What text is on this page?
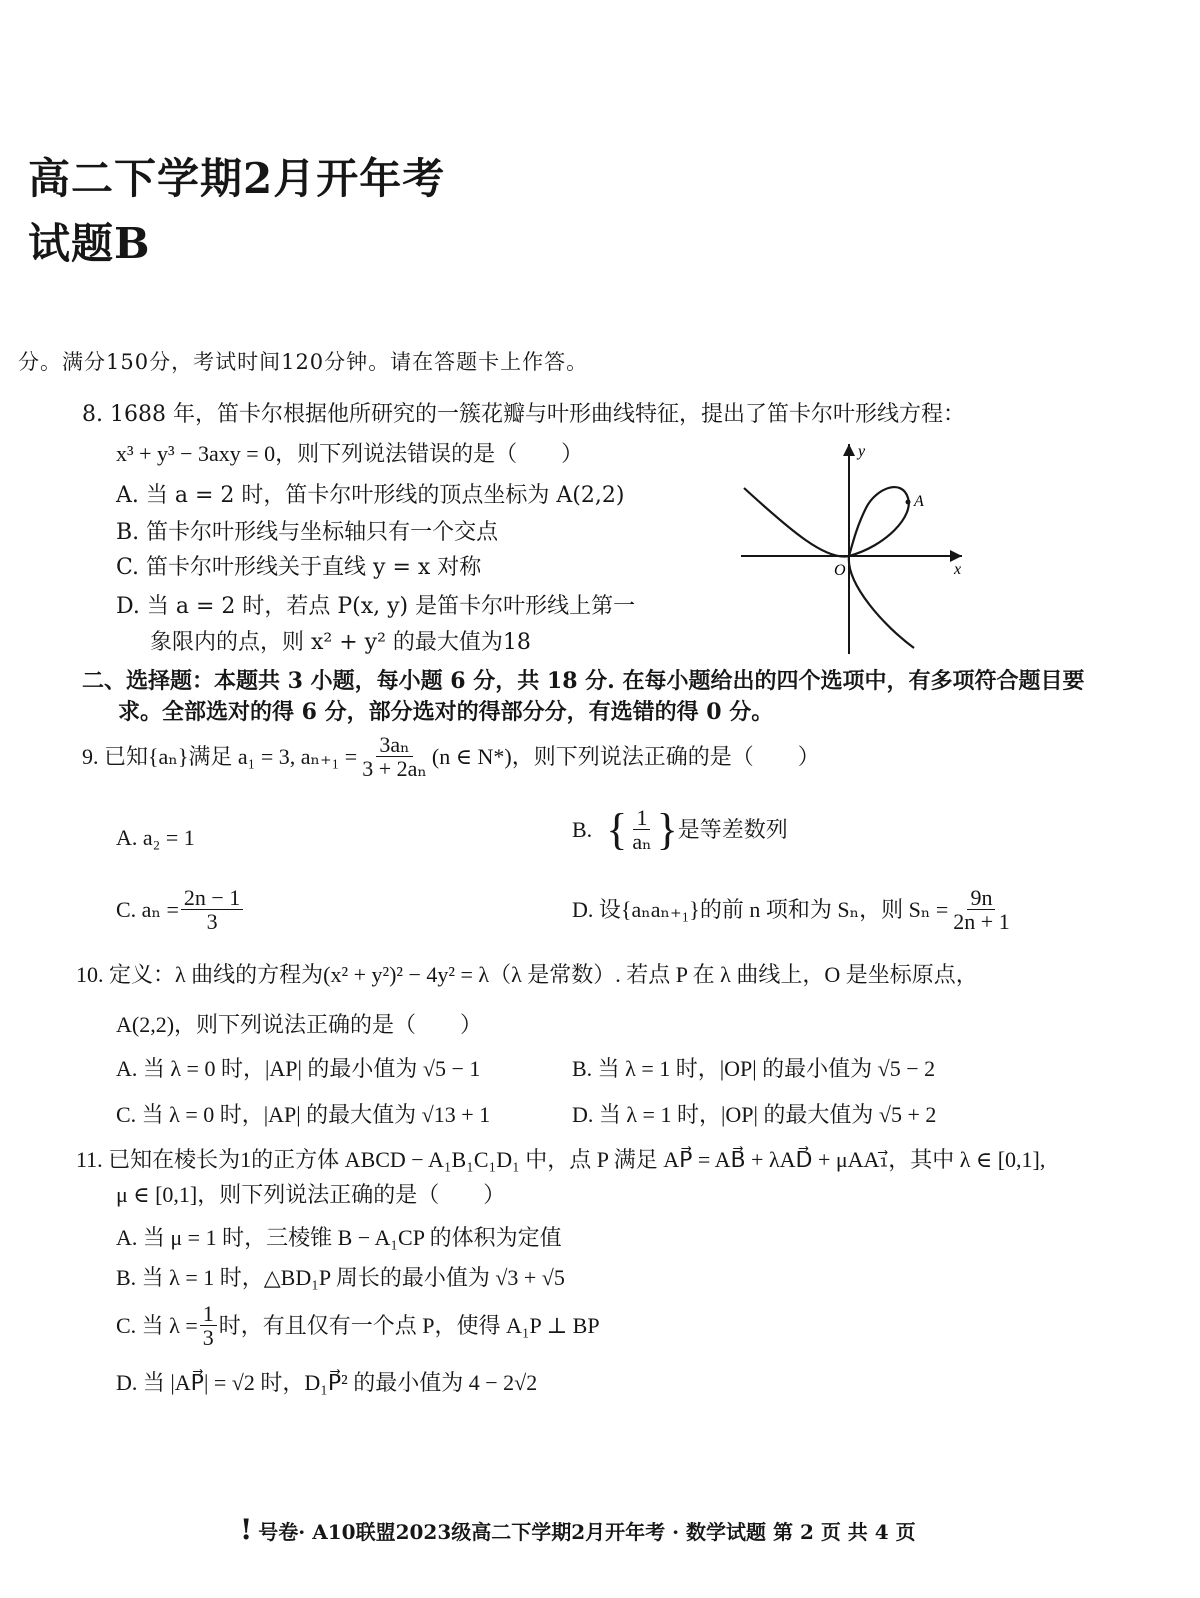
高二下学期2月开年考
试题B
分。满分150分，考试时间120分钟。请在答题卡上作答。
8. 1688 年，笛卡尔根据他所研究的一簇花瓣与叶形曲线特征，提出了笛卡尔叶形线方程：
x³ + y³ − 3axy = 0，则下列说法错误的是（　　）
A. 当 a = 2 时，笛卡尔叶形线的顶点坐标为 A(2,2)
B. 笛卡尔叶形线与坐标轴只有一个交点
C. 笛卡尔叶形线关于直线 y = x 对称
D. 当 a = 2 时，若点 P(x, y) 是笛卡尔叶形线上第一
象限内的点，则 x² + y² 的最大值为18
A
y
x
O
二、选择题：本题共 3 小题，每小题 6 分，共 18 分. 在每小题给出的四个选项中，有多项符合题目要
求。全部选对的得 6 分，部分选对的得部分分，有选错的得 0 分。
9. 已知{aₙ}满足 a₁ = 3, $a_{n+1} = \frac{\text{3aₙ}}{\text{3 + 2aₙ}} (n$ ∈ N*)，则下列说法正确的是（　　）
A. a₂ = 1	B. { $\frac{1}{\text{aₙ}}$ } 是等差数列
C. $a_n = \frac{2n - 1}{3}$	D. 设{aₙaₙ₊₁}的前 n 项和为 Sₙ，则 $S_n = \frac{9n}{2n + 1}$
10. 定义：λ 曲线的方程为(x² + y²)² − 4y² = λ（λ 是常数）. 若点 P 在 λ 曲线上，O 是坐标原点，
A(2,2)，则下列说法正确的是（　　）
A. 当 λ = 0 时，|AP| 的最小值为 √5 − 1	B. 当 λ = 1 时，|OP| 的最小值为 √5 − 2
C. 当 λ = 0 时，|AP| 的最大值为 √13 + 1	D. 当 λ = 1 时，|OP| 的最大值为 √5 + 2
11. 已知在棱长为1的正方体 ABCD − A₁B₁C₁D₁ 中，点 P 满足 AP⃗ = AB⃗ + λAD⃗ + μAA₁⃗，其中 λ ∈ [0,1],
μ ∈ [0,1]，则下列说法正确的是（　　）
A. 当 μ = 1 时，三棱锥 B − A₁CP 的体积为定值
B. 当 λ = 1 时，△BD₁P 周长的最小值为 √3 + √5
C. 当 $\lambda = \frac{1}{3}$ 时，有且仅有一个点 P，使得 A₁P ⊥ BP
D. 当 |AP⃗| = √2 时，D₁P⃗² 的最小值为 4 − 2√2
! 号卷· A10联盟2023级高二下学期2月开年考 · 数学试题 第 2 页 共 4 页
